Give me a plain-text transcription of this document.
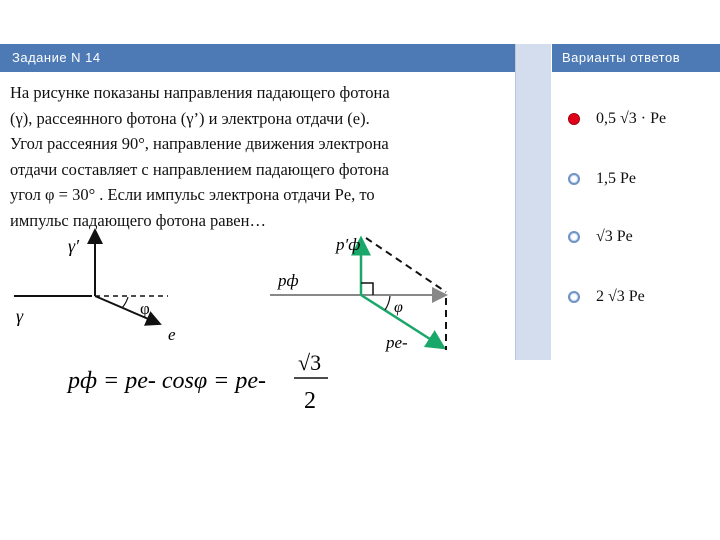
Задание N 14	Варианты ответов
На рисунке показаны направления падающего фотона
(γ), рассеянного фотона (γ’) и электрона отдачи (e).
Угол рассеяния 90°, направление движения электрона
отдачи составляет с направлением падающего фотона
угол φ = 30° . Если импульс электрона отдачи Pe, то
импульс падающего фотона равен…
γ′
γ
e
φ
p′ф
pф
pe-
φ
pф = pe- cosφ = pe-
√3
2
0,5 √3 · Pе
1,5 Pe
√3 Pe
2 √3 Pe
